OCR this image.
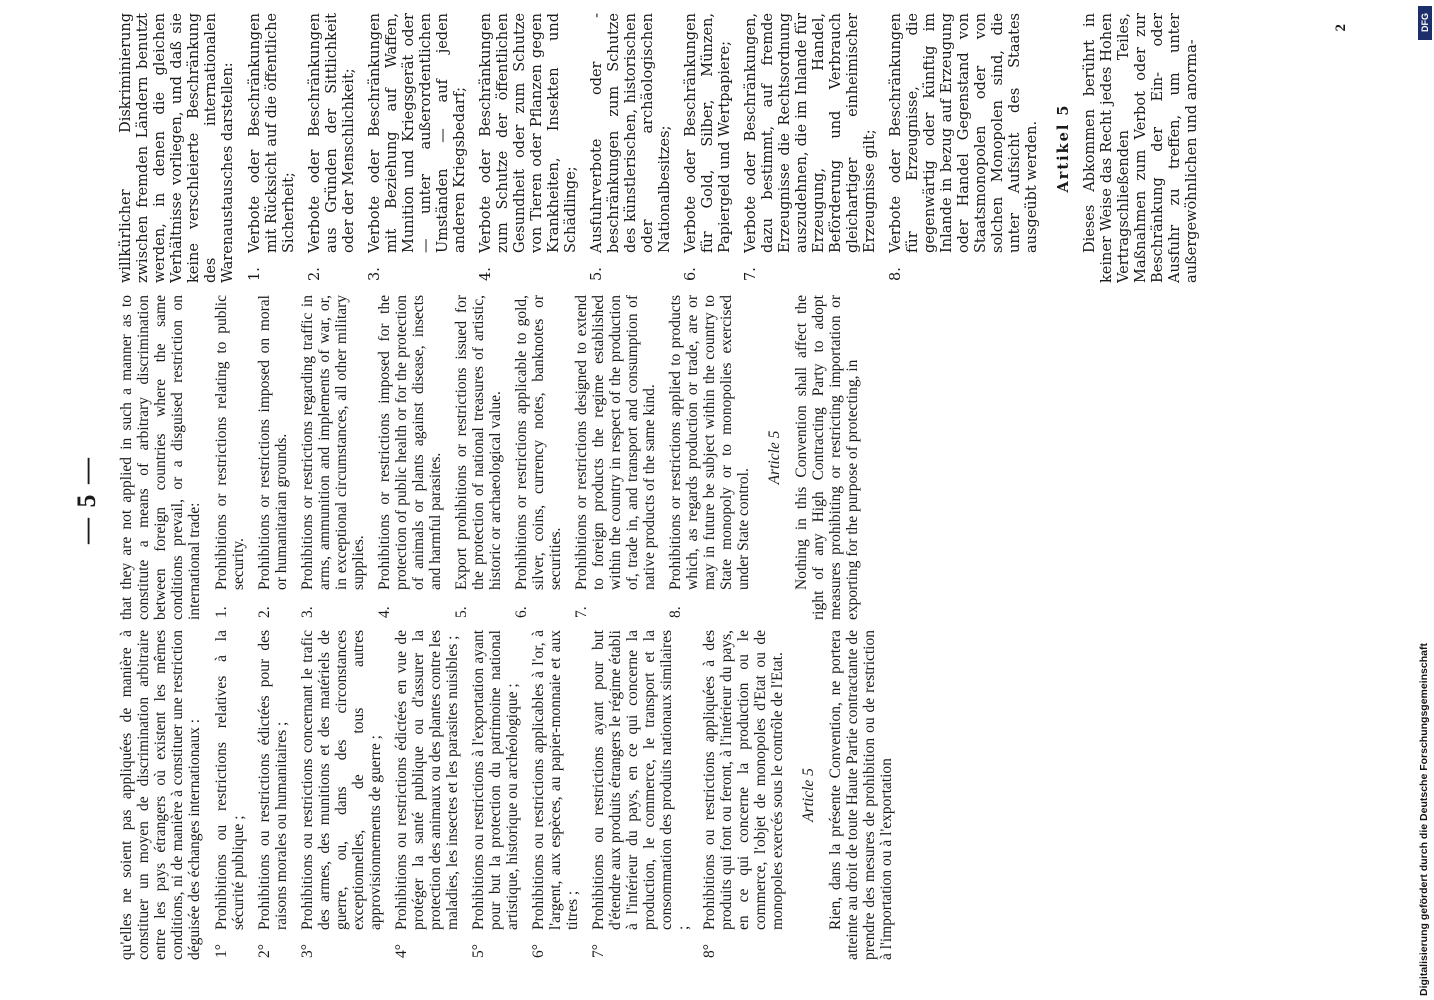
— 5 —

qu'elles ne soient pas appliquées de manière à constituer un moyen de discrimination arbitraire entre les pays étrangers où existent les mêmes conditions, ni de manière à constituer une restriction déguisée des échanges internationaux : 1°
Prohibitions ou restrictions relatives à la sécurité publique ;
2°
Prohibitions ou restrictions édictées pour des raisons morales ou humanitaires ;
3°
Prohibitions ou restrictions concernant le trafic des armes, des munitions et des matériels de guerre, ou, dans des circonstances exceptionnelles, de tous autres approvisionnements de guerre ;
4°
Prohibitions ou restrictions édictées en vue de protéger la santé publique ou d'assurer la protection des animaux ou des plantes contre les maladies, les insectes et les parasites nuisibles ;
5°
Prohibitions ou restrictions à l'exportation ayant pour but la protection du patrimoine national artistique, historique ou archéologique ;
6°
Prohibitions ou restrictions applicables à l'or, à l'argent, aux espèces, au papier-monnaie et aux titres ;
7°
Prohibitions ou restrictions ayant pour but d'étendre aux produits étrangers le régime établi à l'intérieur du pays, en ce qui concerne la production, le commerce, le transport et la consommation des produits nationaux similaires ;
8°
Prohibitions ou restrictions appliquées à des produits qui font ou feront, à l'intérieur du pays, en ce qui concerne la production ou le commerce, l'objet de monopoles d'Etat ou de monopoles exercés sous le contrôle de l'Etat. Article 5 Rien, dans la présente Convention, ne portera atteinte au droit de toute Haute Partie contractante de prendre des mesures de prohibition ou de restriction à l'importation ou à l'exportation

that they are not applied in such a manner as to constitute a means of arbitrary discrimination between foreign countries where the same conditions prevail, or a disguised restriction on international trade: 1.
Prohibitions or restrictions relating to public security.
2.
Prohibitions or restrictions imposed on moral or humanitarian grounds.
3.
Prohibitions or restrictions regarding traffic in arms, ammunition and implements of war, or, in exceptional circumstances, all other military supplies.
4.
Prohibitions or restrictions imposed for the protection of public health or for the protection of animals or plants against disease, insects and harmful parasites.
5.
Export prohibitions or restrictions issued for the protection of national treasures of artistic, historic or archaeological value.
6.
Prohibitions or restrictions applicable to gold, silver, coins, currency notes, banknotes or securities.
7.
Prohibitions or restrictions designed to extend to foreign products the regime established within the country in respect of the production of, trade in, and transport and consumption of native products of the same kind.
8.
Prohibitions or restrictions applied to products which, as regards production or trade, are or may in future be subject within the country to State monopoly or to monopolies exercised under State control.
Article 5 Nothing in this Convention shall affect the right of any High Contracting Party to adopt measures prohibiting or restricting importation or exporting for the purpose of protecting, in

willkürlicher Diskriminierung zwischen fremden Ländern benutzt werden, in denen die gleichen Verhältnisse vorliegen, und daß sie keine verschleierte Beschränkung des internationalen Warenaustausches darstellen: 1.
Verbote oder Beschränkungen mit Rücksicht auf die öffentliche Sicherheit;
2.
Verbote oder Beschränkungen aus Gründen der Sittlichkeit oder der Menschlichkeit;
3.
Verbote oder Beschränkungen mit Beziehung auf Waffen, Munition und Kriegsgerät oder — unter außerordentlichen Umständen — auf jeden anderen Kriegsbedarf;
4.
Verbote oder Beschränkungen zum Schutze der öffentlichen Gesundheit oder zum Schutze von Tieren oder Pflanzen gegen Krankheiten, Insekten und Schädlinge;
5.
Ausfuhrverbote oder -beschränkungen zum Schutze des künstlerischen, historischen oder archäologischen Nationalbesitzes;
6.
Verbote oder Beschränkungen für Gold, Silber, Münzen, Papiergeld und Wertpapiere;
7.
Verbote oder Beschränkungen, dazu bestimmt, auf fremde Erzeugnisse die Rechtsordnung auszudehnen, die im Inlande für Erzeugung, Handel, Beförderung und Verbrauch gleichartiger einheimischer Erzeugnisse gilt;
8.
Verbote oder Beschränkungen für Erzeugnisse, die gegenwärtig oder künftig im Inlande in bezug auf Erzeugung oder Handel Gegenstand von Staatsmonopolen oder von solchen Monopolen sind, die unter Aufsicht des Staates ausgeübt werden. Artikel 5 Dieses Abkommen berührt in keiner Weise das Recht jedes Hohen Vertragschließenden Teiles, Maßnahmen zum Verbot oder zur Beschränkung der Ein- oder Ausfuhr zu treffen, um unter außergewöhnlichen und anorma-

2
Digitalisierung gefördert durch die Deutsche Forschungsgemeinschaft
DFG
